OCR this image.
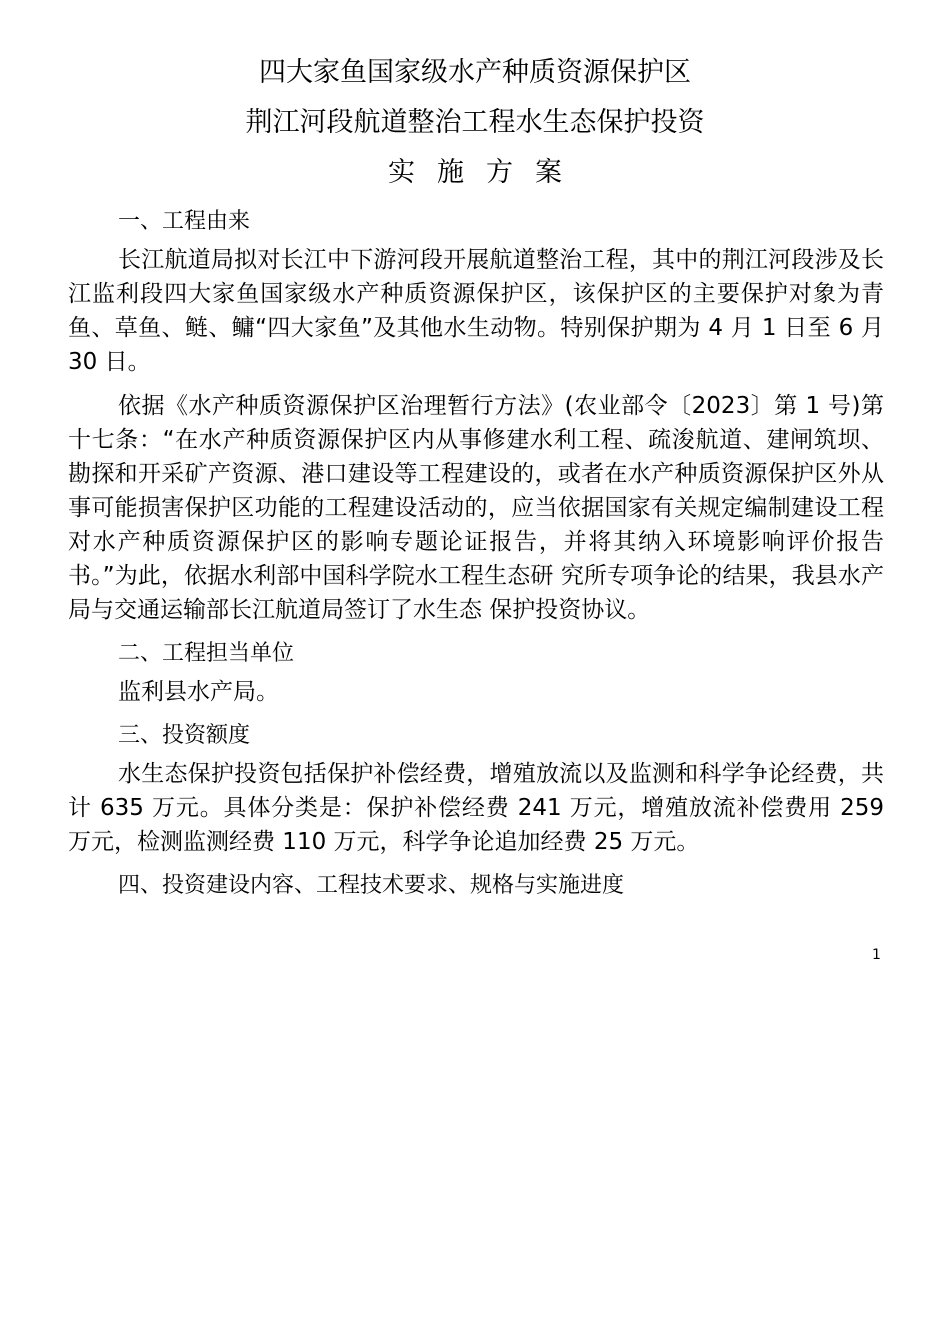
四大家鱼国家级水产种质资源保护区
荆江河段航道整治工程水生态保护投资
实施方案

一、工程由来

长江航道局拟对长江中下游河段开展航道整治工程，其中的荆江河段涉及长江监利段四大家鱼国家级水产种质资源保护区，该保护区的主要保护对象为青鱼、草鱼、鲢、鳙“四大家鱼”及其他水生动物。特别保护期为 4 月 1 日至 6 月 30 日。

依据《水产种质资源保护区治理暂行方法》(农业部令〔2023〕第 1 号)第十七条：“在水产种质资源保护区内从事修建水利工程、疏浚航道、建闸筑坝、勘探和开采矿产资源、港口建设等工程建设的，或者在水产种质资源保护区外从事可能损害保护区功能的工程建设活动的，应当依据国家有关规定编制建设工程对水产种质资源保护区的影响专题论证报告，并将其纳入环境影响评价报告书。”为此，依据水利部中国科学院水工程生态研 究所专项争论的结果，我县水产局与交通运输部长江航道局签订了水生态 保护投资协议。

二、工程担当单位

监利县水产局。

三、投资额度

水生态保护投资包括保护补偿经费，增殖放流以及监测和科学争论经费，共计 635 万元。具体分类是：保护补偿经费 241 万元，增殖放流补偿费用 259 万元，检测监测经费 110 万元，科学争论追加经费 25 万元。

四、投资建设内容、工程技术要求、规格与实施进度

1
